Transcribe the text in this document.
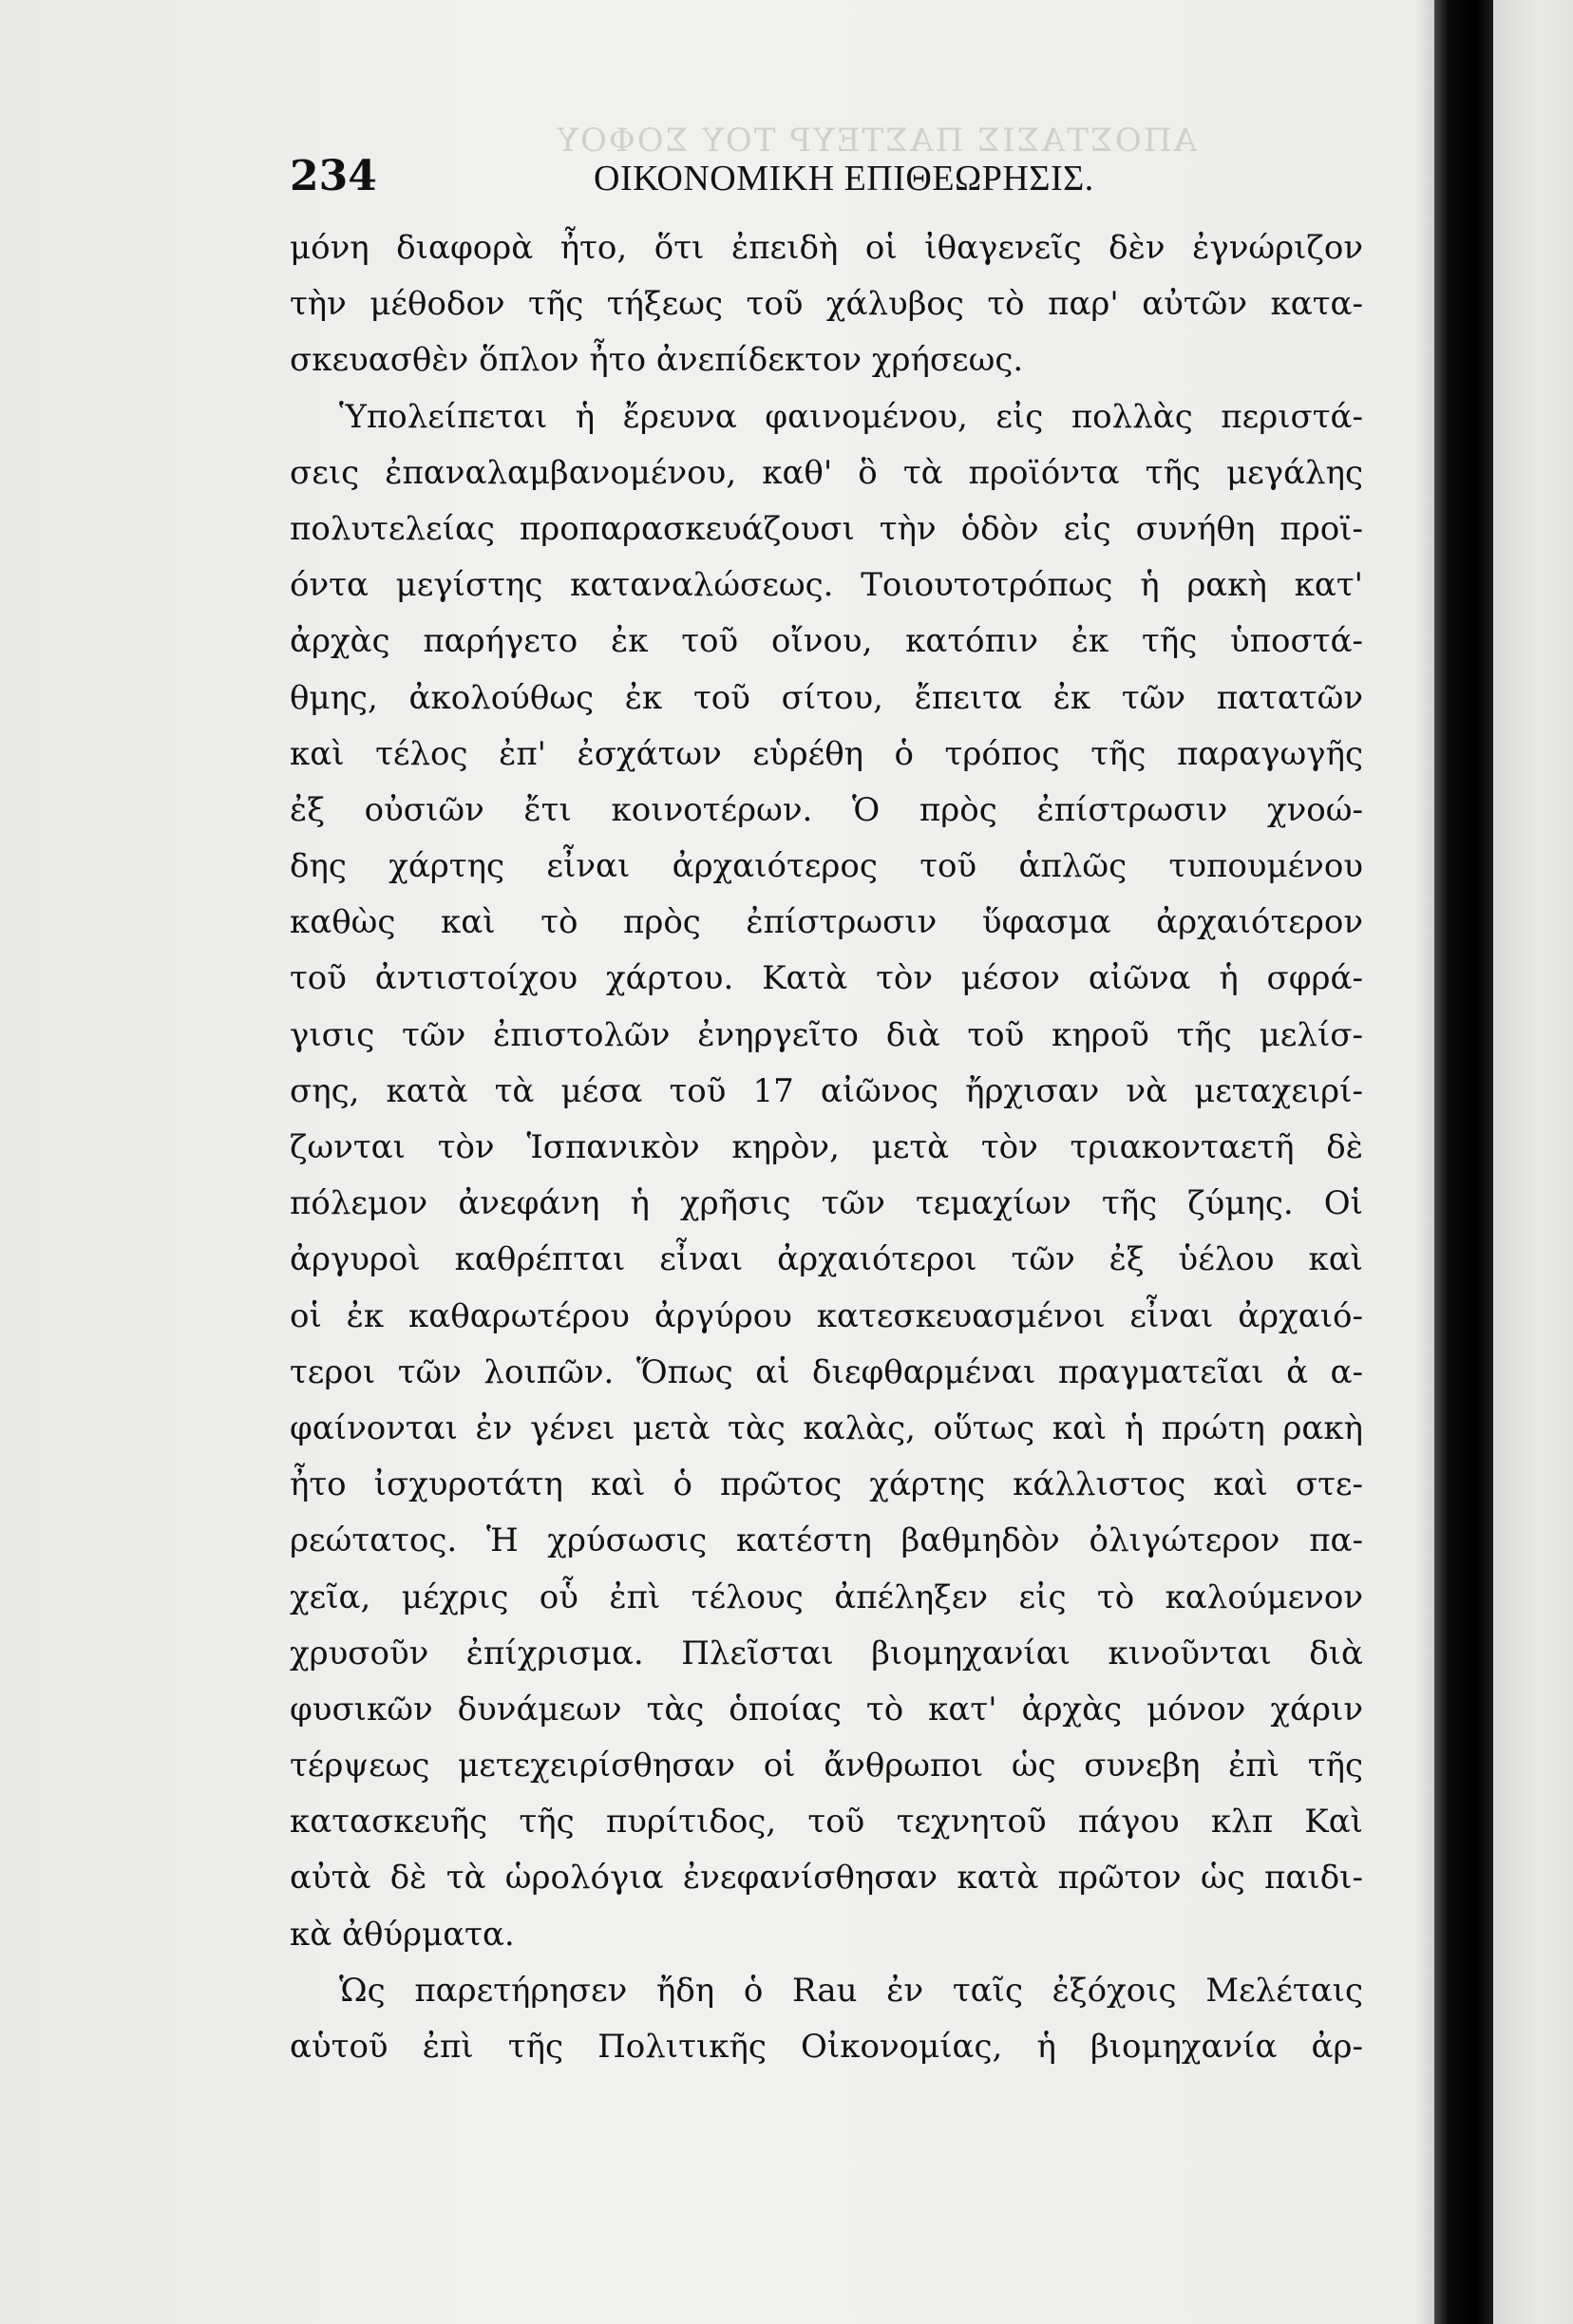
ΑΠΟΣΤΑΣΙΣ ΠΑΣΤΕΥΡ ΤΟΥ ΣΟΦΟΥ
234	ΟΙΚΟΝΟΜΙΚΗ ΕΠΙΘΕΩΡΗΣΙΣ.
μόνη διαφορὰ ἦτο, ὅτι ἐπειδὴ οἱ ἰθαγενεῖς δὲν ἐγνώριζον
τὴν μέθοδον τῆς τήξεως τοῦ χάλυβος τὸ παρ' αὐτῶν κατα-
σκευασθὲν ὅπλον ἦτο ἀνεπίδεκτον χρήσεως.
Ὑπολείπεται ἡ ἔρευνα φαινομένου, εἰς πολλὰς περιστά-
σεις ἐπαναλαμβανομένου, καθ' ὃ τὰ προϊόντα τῆς μεγάλης
πολυτελείας προπαρασκευάζουσι τὴν ὁδὸν εἰς συνήθη προϊ-
όντα μεγίστης καταναλώσεως. Τοιουτοτρόπως ἡ ρακὴ κατ'
ἀρχὰς παρήγετο ἐκ τοῦ οἴνου, κατόπιν ἐκ τῆς ὑποστά-
θμης, ἀκολούθως ἐκ τοῦ σίτου, ἔπειτα ἐκ τῶν πατατῶν
καὶ τέλος ἐπ' ἐσχάτων εὑρέθη ὁ τρόπος τῆς παραγωγῆς
ἐξ οὐσιῶν ἔτι κοινοτέρων. Ὁ πρὸς ἐπίστρωσιν χνοώ-
δης χάρτης εἶναι ἀρχαιότερος τοῦ ἁπλῶς τυπουμένου
καθὼς καὶ τὸ πρὸς ἐπίστρωσιν ὕφασμα ἀρχαιότερον
τοῦ ἀντιστοίχου χάρτου. Κατὰ τὸν μέσον αἰῶνα ἡ σφρά-
γισις τῶν ἐπιστολῶν ἐνηργεῖτο διὰ τοῦ κηροῦ τῆς μελίσ-
σης, κατὰ τὰ μέσα τοῦ 17 αἰῶνος ἤρχισαν νὰ μεταχειρί-
ζωνται τὸν Ἱσπανικὸν κηρὸν, μετὰ τὸν τριακονταετῆ δὲ
πόλεμον ἀνεφάνη ἡ χρῆσις τῶν τεμαχίων τῆς ζύμης. Οἱ
ἀργυροὶ καθρέπται εἶναι ἀρχαιότεροι τῶν ἐξ ὑέλου καὶ
οἱ ἐκ καθαρωτέρου ἀργύρου κατεσκευασμένοι εἶναι ἀρχαιό-
τεροι τῶν λοιπῶν. Ὅπως αἱ διεφθαρμέναι πραγματεῖαι ἀ α-
φαίνονται ἐν γένει μετὰ τὰς καλὰς, οὕτως καὶ ἡ πρώτη ρακὴ
ἦτο ἰσχυροτάτη καὶ ὁ πρῶτος χάρτης κάλλιστος καὶ στε-
ρεώτατος. Ἡ χρύσωσις κατέστη βαθμηδὸν ὀλιγώτερον πα-
χεῖα, μέχρις οὗ ἐπὶ τέλους ἀπέληξεν εἰς τὸ καλούμενον
χρυσοῦν ἐπίχρισμα. Πλεῖσται βιομηχανίαι κινοῦνται διὰ
φυσικῶν δυνάμεων τὰς ὁποίας τὸ κατ' ἀρχὰς μόνον χάριν
τέρψεως μετεχειρίσθησαν οἱ ἄνθρωποι ὡς συνεβη ἐπὶ τῆς
κατασκευῆς τῆς πυρίτιδος, τοῦ τεχνητοῦ πάγου κλπ Καὶ
αὐτὰ δὲ τὰ ὡρολόγια ἐνεφανίσθησαν κατὰ πρῶτον ὡς παιδι-
κὰ ἀθύρματα.
Ὡς παρετήρησεν ἤδη ὁ Rau ἐν ταῖς ἐξόχοις Μελέταις
αὑτοῦ ἐπὶ τῆς Πολιτικῆς Οἰκονομίας, ἡ βιομηχανία ἀρ-
